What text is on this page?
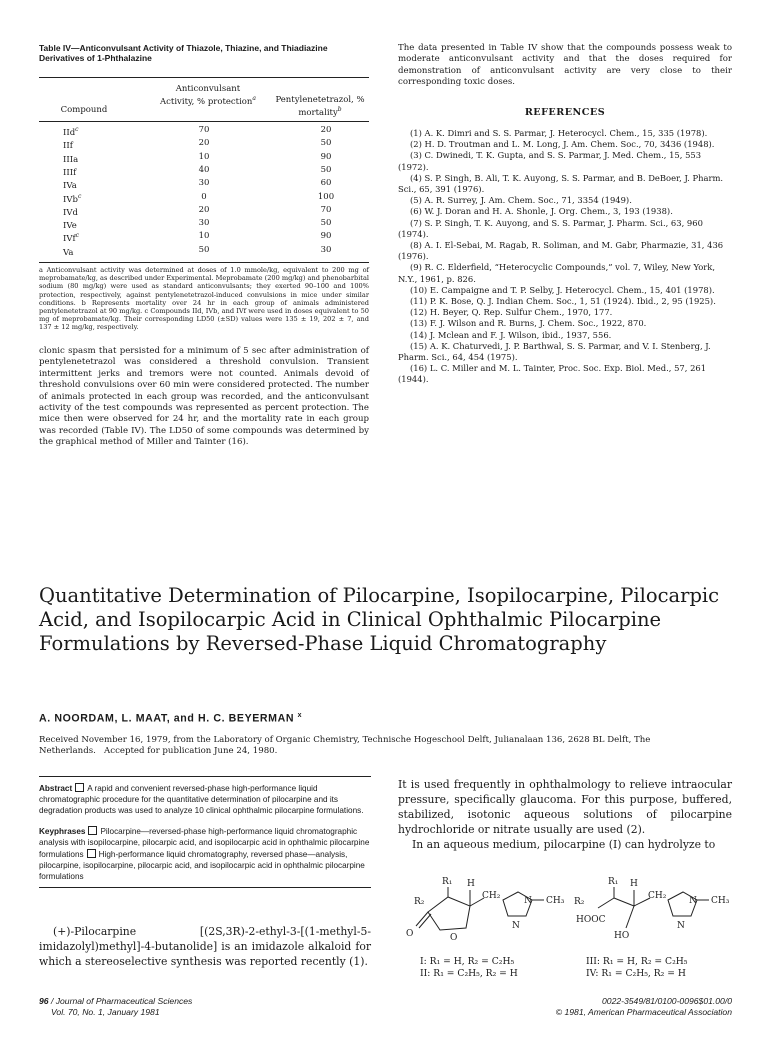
Table IV—Anticonvulsant Activity of Thiazole, Thiazine, and Thiadiazine Derivatives of 1-Phthalazine
Compound
Anticonvulsant Activity, % protection$^a$	Pentylenetetrazol, % mortality$^b$
IId$^c$	70	20
IIf	20	50
IIIa	10	90
IIIf	40	50
IVa	30	60
IVb$^c$	0	100
IVd	20	70
IVe	30	50
IVf$^c$	10	90
Va	50	30
a Anticonvulsant activity was determined at doses of 1.0 mmole/kg, equivalent to 200 mg of meprobamate/kg, as described under Experimental. Meprobamate (200 mg/kg) and phenobarbital sodium (80 mg/kg) were used as standard anticonvulsants; they exerted 90–100 and 100% protection, respectively, against pentylenetetrazol-induced convulsions in mice under similar conditions. b Represents mortality over 24 hr in each group of animals administered pentylenetetrazol at 90 mg/kg. c Compounds IId, IVb, and IVf were used in doses equivalent to 50 mg of meprobamate/kg. Their corresponding LD50 (±SD) values were 135 ± 19, 202 ± 7, and 137 ± 12 mg/kg, respectively.
clonic spasm that persisted for a minimum of 5 sec after administration of pentylenetetrazol was considered a threshold convulsion. Transient intermittent jerks and tremors were not counted. Animals devoid of threshold convulsions over 60 min were considered protected. The number of animals protected in each group was recorded, and the anticonvulsant activity of the test compounds was represented as percent protection. The mice then were observed for 24 hr, and the mortality rate in each group was recorded (Table IV). The LD50 of some compounds was determined by the graphical method of Miller and Tainter (16).
The data presented in Table IV show that the compounds possess weak to moderate anticonvulsant activity and that the doses required for demonstration of anticonvulsant activity are very close to their corresponding toxic doses.
REFERENCES

(1) A. K. Dimri and S. S. Parmar, J. Heterocycl. Chem., 15, 335 (1978).

(2) H. D. Troutman and L. M. Long, J. Am. Chem. Soc., 70, 3436 (1948).

(3) C. Dwinedi, T. K. Gupta, and S. S. Parmar, J. Med. Chem., 15, 553 (1972).

(4) S. P. Singh, B. Ali, T. K. Auyong, S. S. Parmar, and B. DeBoer, J. Pharm. Sci., 65, 391 (1976).

(5) A. R. Surrey, J. Am. Chem. Soc., 71, 3354 (1949).

(6) W. J. Doran and H. A. Shonle, J. Org. Chem., 3, 193 (1938).

(7) S. P. Singh, T. K. Auyong, and S. S. Parmar, J. Pharm. Sci., 63, 960 (1974).

(8) A. I. El-Sebai, M. Ragab, R. Soliman, and M. Gabr, Pharmazie, 31, 436 (1976).

(9) R. C. Elderfield, “Heterocyclic Compounds,” vol. 7, Wiley, New York, N.Y., 1961, p. 826.

(10) E. Campaigne and T. P. Selby, J. Heterocycl. Chem., 15, 401 (1978).

(11) P. K. Bose, Q. J. Indian Chem. Soc., 1, 51 (1924). Ibid., 2, 95 (1925).

(12) H. Beyer, Q. Rep. Sulfur Chem., 1970, 177.

(13) F. J. Wilson and R. Burns, J. Chem. Soc., 1922, 870.

(14) J. Mclean and F. J. Wilson, ibid., 1937, 556.

(15) A. K. Chaturvedi, J. P. Barthwal, S. S. Parmar, and V. I. Stenberg, J. Pharm. Sci., 64, 454 (1975).

(16) L. C. Miller and M. L. Tainter, Proc. Soc. Exp. Biol. Med., 57, 261 (1944).

Quantitative Determination of Pilocarpine, Isopilocarpine, Pilocarpic Acid, and Isopilocarpic Acid in Clinical Ophthalmic Pilocarpine Formulations by Reversed-Phase Liquid Chromatography
A. NOORDAM, L. MAAT, and H. C. BEYERMAN $^x$
Received November 16, 1979, from the Laboratory of Organic Chemistry, Technische Hogeschool Delft, Julianalaan 136, 2628 BL Delft, The Netherlands. Accepted for publication June 24, 1980.

Abstract A rapid and convenient reversed-phase high-performance liquid chromatographic procedure for the quantitative determination of pilocarpine and its degradation products was used to analyze 10 clinical ophthalmic pilocarpine formulations.

Keyphrases Pilocarpine—reversed-phase high-performance liquid chromatographic analysis with isopilocarpine, pilocarpic acid, and isopilocarpic acid in ophthalmic pilocarpine formulations High-performance liquid chromatography, reversed phase—analysis, pilocarpine, isopilocarpine, pilocarpic acid, and isopilocarpic acid in ophthalmic pilocarpine formulations

(+)-Pilocarpine [(2S,3R)-2-ethyl-3-[(1-methyl-5-imidazolyl)methyl]-4-butanolide] is an imidazole alkaloid for which a stereoselective synthesis was reported recently (1).

It is used frequently in ophthalmology to relieve intraocular pressure, specifically glaucoma. For this purpose, buffered, stabilized, isotonic aqueous solutions of pilocarpine hydrochloride or nitrate usually are used (2).

In an aqueous medium, pilocarpine (I) can hydrolyze to

R₂
R₁ H
CH₂
O	O
N
N CH₃ R₂
R₁ H
CH₂
HOOC
HO
N
N CH₃
I: R₁ = H, R₂ = C₂H₅
II: R₁ = C₂H₅, R₂ = H
III: R₁ = H, R₂ = C₂H₅
IV: R₁ = C₂H₅, R₂ = H
96 / Journal of Pharmaceutical Sciences
Vol. 70, No. 1, January 1981
0022-3549/81/0100-0096$01.00/0
© 1981, American Pharmaceutical Association
